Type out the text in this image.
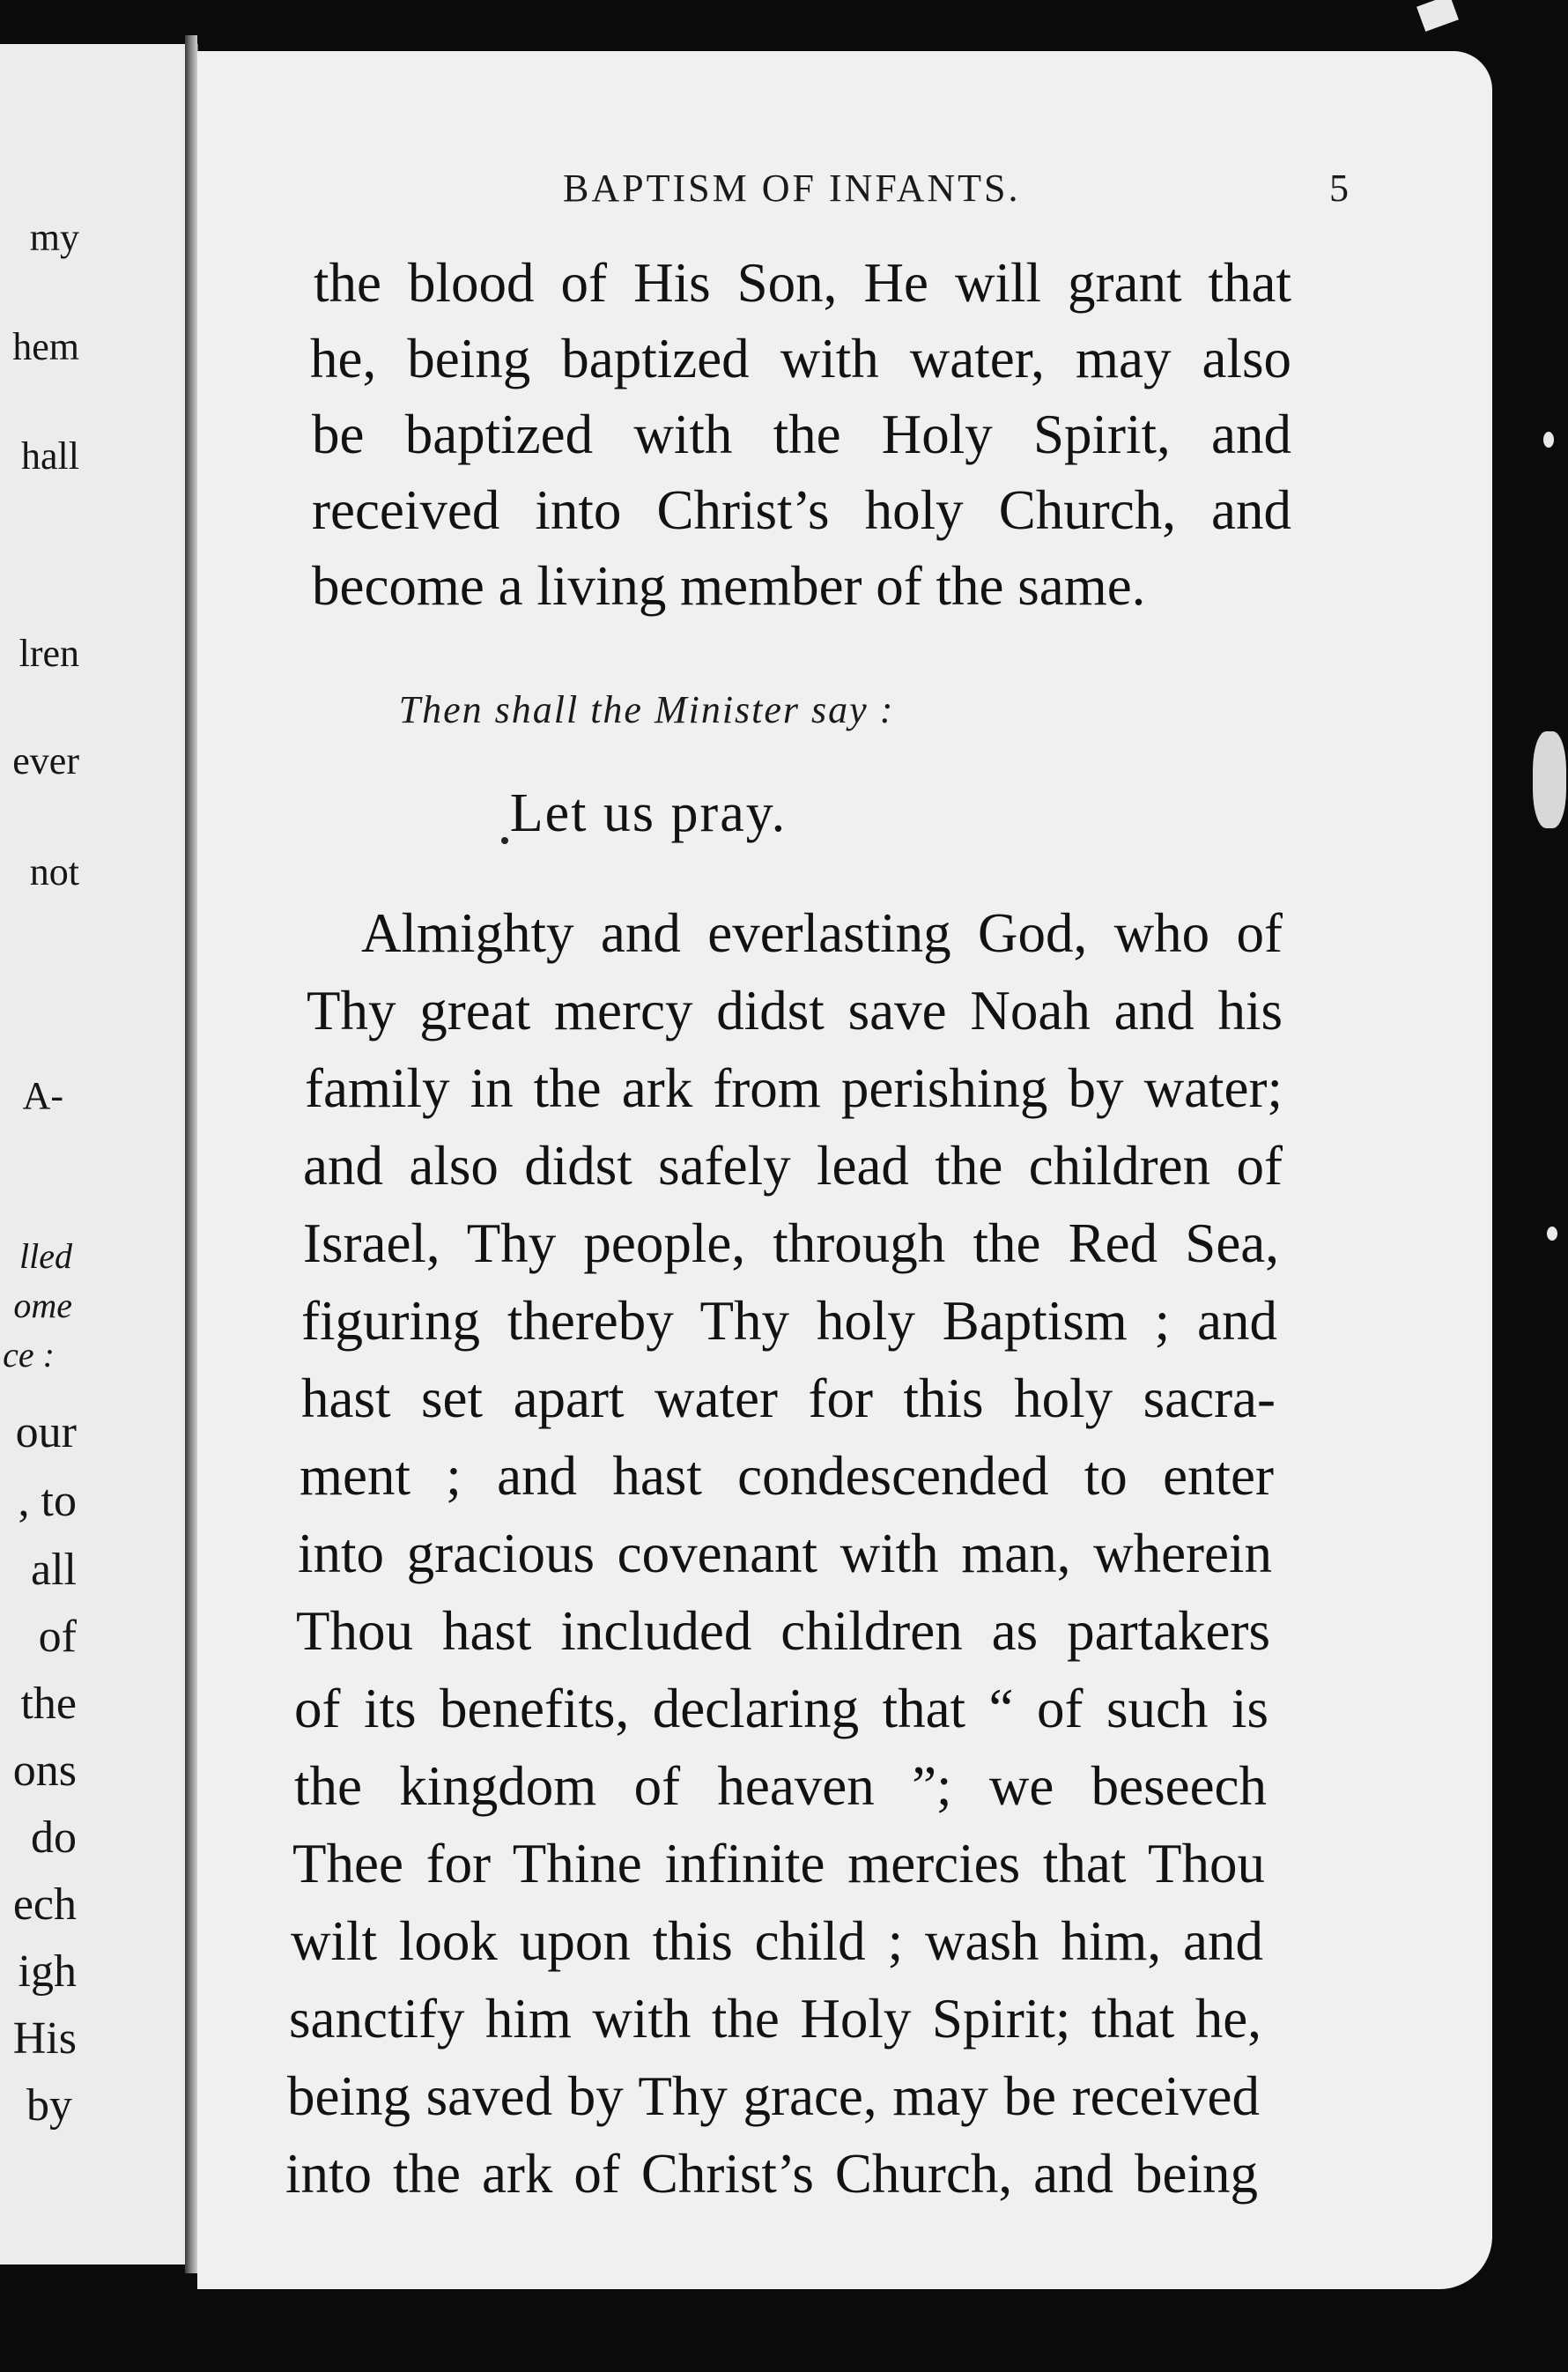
my
hem
hall
lren
ever
not
A-
lled
ome
ce :
our
, to
all
of
the
ons
do
ech
igh
His
by
BAPTISM OF INFANTS.	5
the blood of His Son, He will grant that
he, being baptized with water, may also
be baptized with the Holy Spirit, and
received into Christ’s holy Church, and
become a living member of the same.
Then shall the Minister say :
Let us pray.
Almighty and everlasting God, who of
Thy great mercy didst save Noah and his
family in the ark from perishing by water;
and also didst safely lead the children of
Israel, Thy people, through the Red Sea,
figuring thereby Thy holy Baptism ; and
hast set apart water for this holy sacra-
ment ; and hast condescended to enter
into gracious covenant with man, wherein
Thou hast included children as partakers
of its benefits, declaring that “ of such is
the kingdom of heaven ”; we beseech
Thee for Thine infinite mercies that Thou
wilt look upon this child ; wash him, and
sanctify him with the Holy Spirit; that he,
being saved by Thy grace, may be received
into the ark of Christ’s Church, and being
